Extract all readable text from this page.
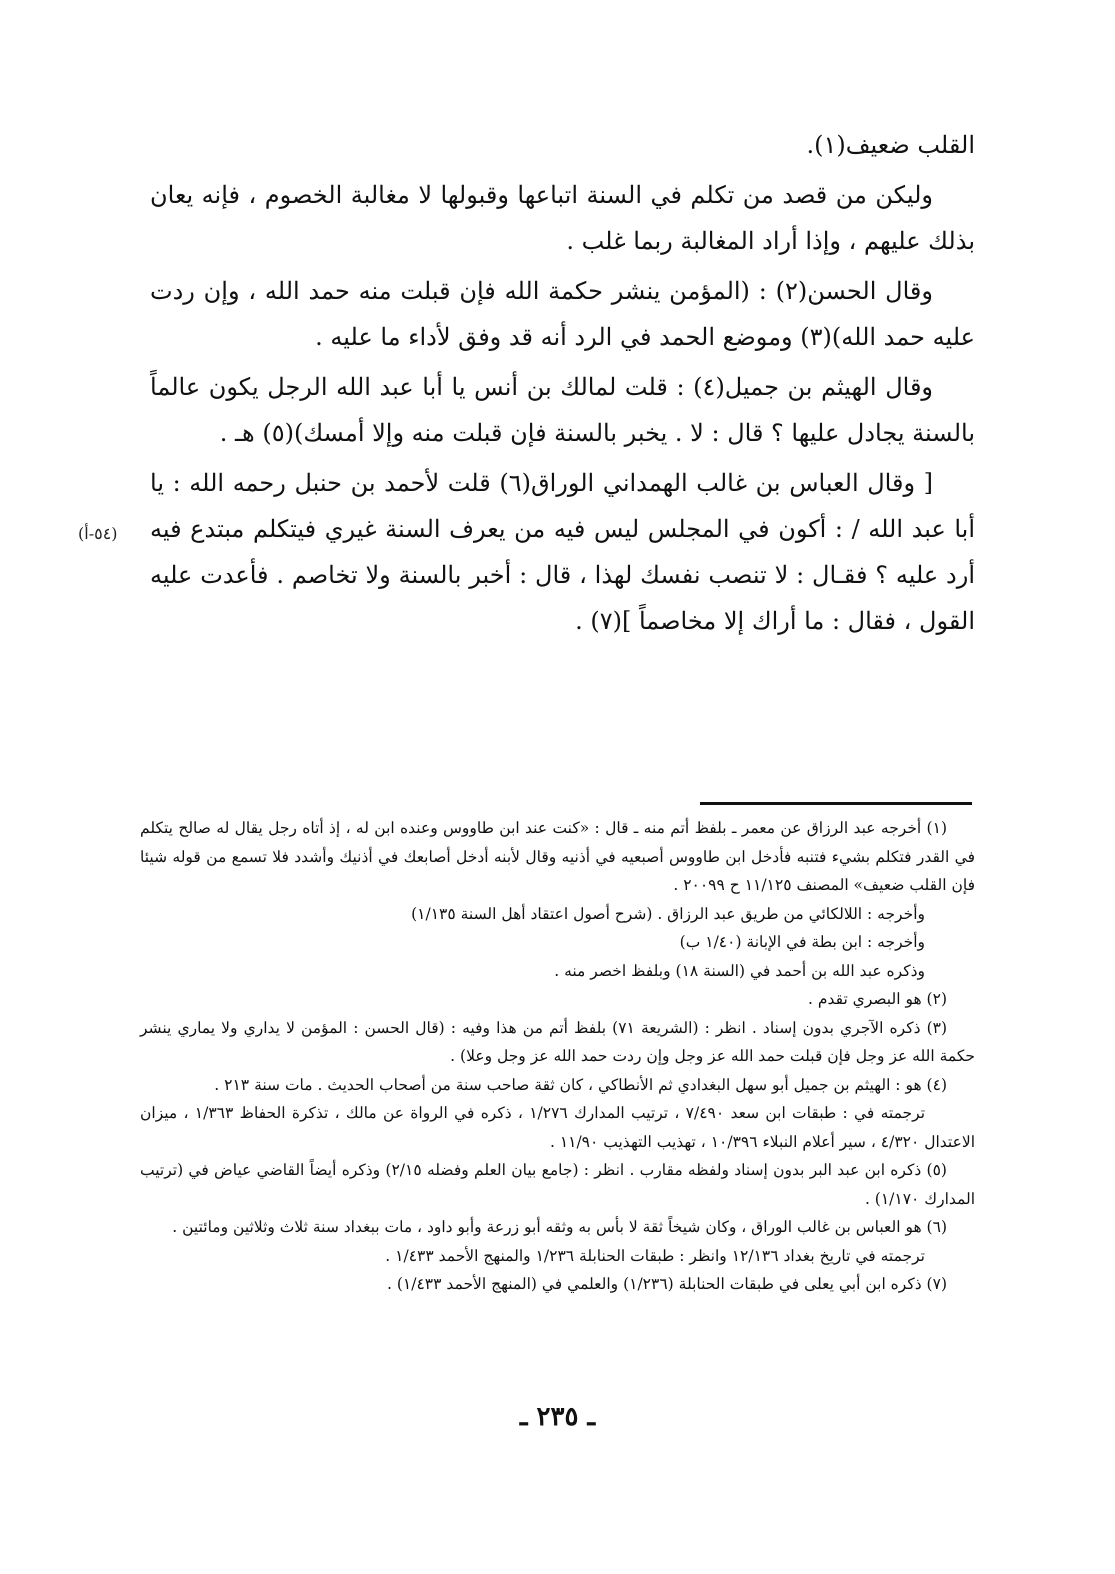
القلب ضعيف(١).

وليكن من قصد من تكلم في السنة اتباعها وقبولها لا مغالبة الخصوم ، فإنه يعان بذلك عليهم ، وإذا أراد المغالبة ربما غلب .

وقال الحسن(٢) : (المؤمن ينشر حكمة الله فإن قبلت منه حمد الله ، وإن ردت عليه حمد الله)(٣) وموضع الحمد في الرد أنه قد وفق لأداء ما عليه .

وقال الهيثم بن جميل(٤) : قلت لمالك بن أنس يا أبا عبد الله الرجل يكون عالماً بالسنة يجادل عليها ؟ قال : لا . يخبر بالسنة فإن قبلت منه وإلا أمسك)(٥) هـ .

[ وقال العباس بن غالب الهمداني الوراق(٦) قلت لأحمد بن حنبل رحمه الله : يا أبا عبد الله / : أكون في المجلس ليس فيه من يعرف السنة غيري فيتكلم مبتدع فيه أرد عليه ؟ فقـال : لا تنصب نفسك لهذا ، قال : أخبر بالسنة ولا تخاصم . فأعدت عليه القول ، فقال : ما أراك إلا مخاصماً ](٧) .

(٥٤-أ)

(١) أخرجه عبد الرزاق عن معمر ـ بلفظ أتم منه ـ قال : «كنت عند ابن طاووس وعنده ابن له ، إذ أتاه رجل يقال له صالح يتكلم في القدر فتكلم بشيء فتنبه فأدخل ابن طاووس أصبعيه في أذنيه وقال لأبنه أدخل أصابعك في أذنيك وأشدد فلا تسمع من قوله شيئا فإن القلب ضعيف» المصنف ١١/١٢٥ ح ٢٠٠٩٩ .

وأخرجه : اللالكائي من طريق عبد الرزاق . (شرح أصول اعتقاد أهل السنة ١/١٣٥)

وأخرجه : ابن بطة في الإبانة (١/٤٠ ب)

وذكره عبد الله بن أحمد في (السنة ١٨) وبلفظ اخصر منه .

(٢) هو البصري تقدم .

(٣) ذكره الآجري بدون إسناد . انظر : (الشريعة ٧١) بلفظ أتم من هذا وفيه : (قال الحسن : المؤمن لا يداري ولا يماري ينشر حكمة الله عز وجل فإن قبلت حمد الله عز وجل وإن ردت حمد الله عز وجل وعلا) .

(٤) هو : الهيثم بن جميل أبو سهل البغدادي ثم الأنطاكي ، كان ثقة صاحب سنة من أصحاب الحديث . مات سنة ٢١٣ .

ترجمته في : طبقات ابن سعد ٧/٤٩٠ ، ترتيب المدارك ١/٢٧٦ ، ذكره في الرواة عن مالك ، تذكرة الحفاظ ١/٣٦٣ ، ميزان الاعتدال ٤/٣٢٠ ، سير أعلام النبلاء ١٠/٣٩٦ ، تهذيب التهذيب ١١/٩٠ .

(٥) ذكره ابن عبد البر بدون إسناد ولفظه مقارب . انظر : (جامع بيان العلم وفضله ٢/١٥) وذكره أيضاً القاضي عياض في (ترتيب المدارك ١/١٧٠) .

(٦) هو العباس بن غالب الوراق ، وكان شيخاً ثقة لا بأس به وثقه أبو زرعة وأبو داود ، مات ببغداد سنة ثلاث وثلاثين ومائتين .

ترجمته في تاريخ بغداد ١٢/١٣٦ وانظر : طبقات الحنابلة ١/٢٣٦ والمنهج الأحمد ١/٤٣٣ .

(٧) ذكره ابن أبي يعلى في طبقات الحنابلة (١/٢٣٦) والعلمي في (المنهج الأحمد ١/٤٣٣) .

ـ ٢٣٥ ـ
